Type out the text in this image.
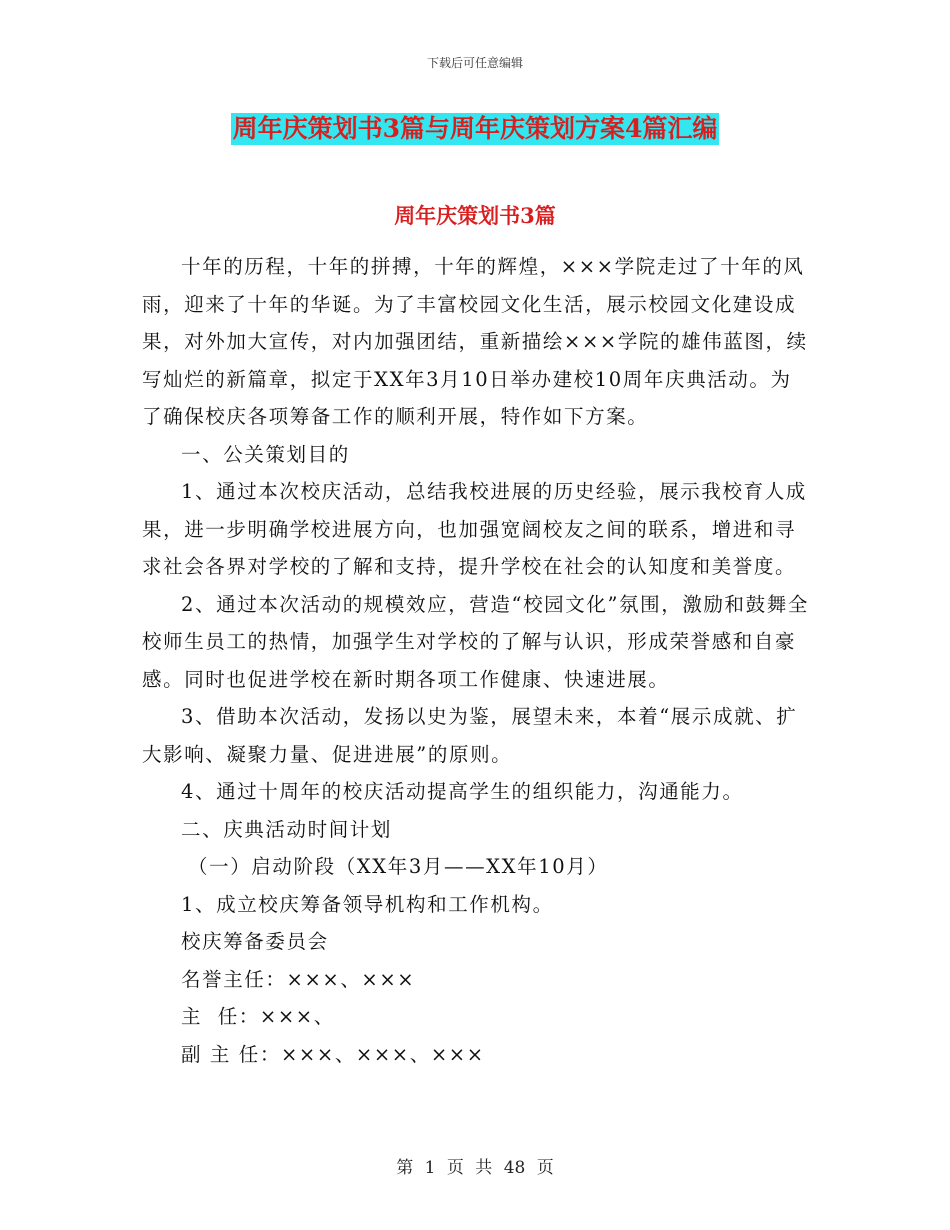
下载后可任意编辑
周年庆策划书3篇与周年庆策划方案4篇汇编
周年庆策划书3篇

十年的历程，十年的拼搏，十年的辉煌，×××学院走过了十年的风雨，迎来了十年的华诞。为了丰富校园文化生活，展示校园文化建设成果，对外加大宣传，对内加强团结，重新描绘×××学院的雄伟蓝图，续写灿烂的新篇章，拟定于XX年3月10日举办建校10周年庆典活动。为了确保校庆各项筹备工作的顺利开展，特作如下方案。

一、公关策划目的

1、通过本次校庆活动，总结我校进展的历史经验，展示我校育人成果，进一步明确学校进展方向，也加强宽阔校友之间的联系，增进和寻求社会各界对学校的了解和支持，提升学校在社会的认知度和美誉度。

2、通过本次活动的规模效应，营造“校园文化”氛围，激励和鼓舞全校师生员工的热情，加强学生对学校的了解与认识，形成荣誉感和自豪感。同时也促进学校在新时期各项工作健康、快速进展。

3、借助本次活动，发扬以史为鉴，展望未来，本着“展示成就、扩大影响、凝聚力量、促进进展”的原则。

4、通过十周年的校庆活动提高学生的组织能力，沟通能力。

二、庆典活动时间计划

（一）启动阶段（XX年3月——XX年10月）

1、成立校庆筹备领导机构和工作机构。

校庆筹备委员会

名誉主任：×××、×××

主  任：×××、

副 主 任：×××、×××、×××

第 1 页 共 48 页
